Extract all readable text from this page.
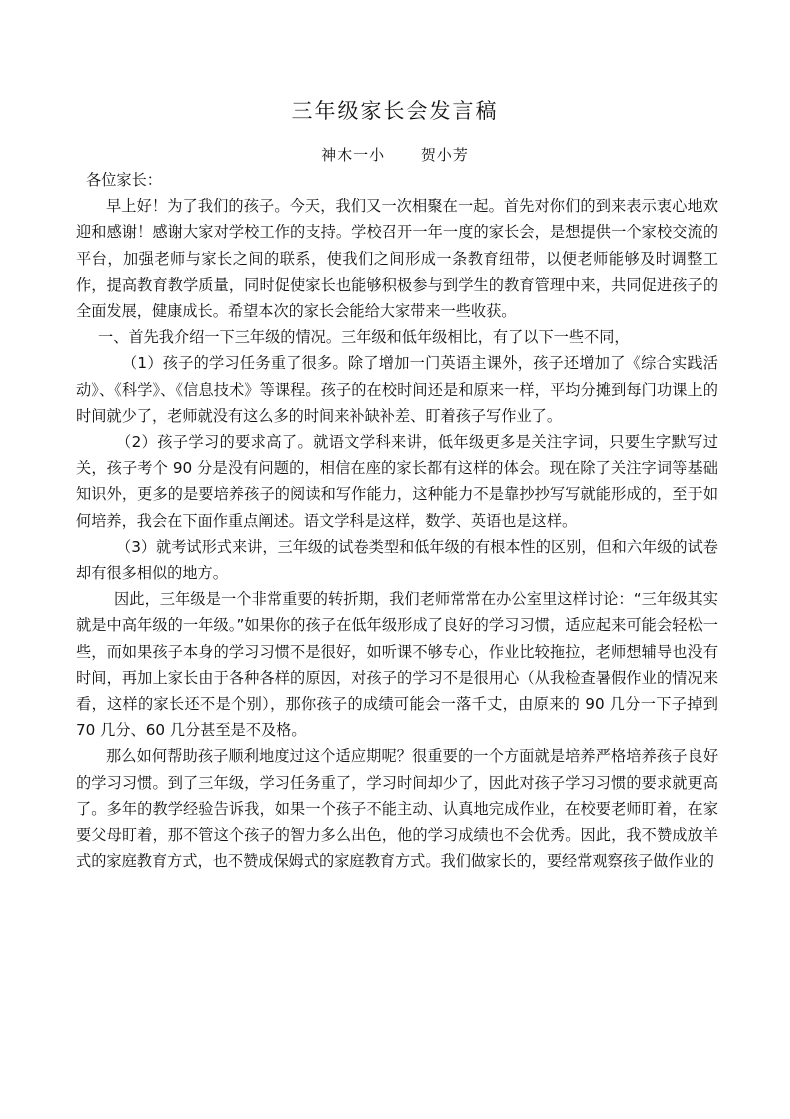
三年级家长会发言稿
神木一小 贺小芳

各位家长：

早上好！为了我们的孩子。今天，我们又一次相聚在一起。首先对你们的到来表示衷心地欢迎和感谢！感谢大家对学校工作的支持。学校召开一年一度的家长会，是想提供一个家校交流的平台，加强老师与家长之间的联系，使我们之间形成一条教育纽带，以便老师能够及时调整工作，提高教育教学质量，同时促使家长也能够积极参与到学生的教育管理中来，共同促进孩子的全面发展，健康成长。希望本次的家长会能给大家带来一些收获。

一、首先我介绍一下三年级的情况。三年级和低年级相比，有了以下一些不同，

（1）孩子的学习任务重了很多。除了增加一门英语主课外，孩子还增加了《综合实践活动》、《科学》、《信息技术》等课程。孩子的在校时间还是和原来一样，平均分摊到每门功课上的时间就少了，老师就没有这么多的时间来补缺补差、盯着孩子写作业了。

（2）孩子学习的要求高了。就语文学科来讲，低年级更多是关注字词，只要生字默写过关，孩子考个 90 分是没有问题的，相信在座的家长都有这样的体会。现在除了关注字词等基础知识外，更多的是要培养孩子的阅读和写作能力，这种能力不是靠抄抄写写就能形成的，至于如何培养，我会在下面作重点阐述。语文学科是这样，数学、英语也是这样。

（3）就考试形式来讲，三年级的试卷类型和低年级的有根本性的区别，但和六年级的试卷却有很多相似的地方。

因此，三年级是一个非常重要的转折期，我们老师常常在办公室里这样讨论：“三年级其实就是中高年级的一年级。”如果你的孩子在低年级形成了良好的学习习惯，适应起来可能会轻松一些，而如果孩子本身的学习习惯不是很好，如听课不够专心，作业比较拖拉，老师想辅导也没有时间，再加上家长由于各种各样的原因，对孩子的学习不是很用心（从我检查暑假作业的情况来看，这样的家长还不是个别），那你孩子的成绩可能会一落千丈，由原来的 90 几分一下子掉到 70 几分、60 几分甚至是不及格。

那么如何帮助孩子顺利地度过这个适应期呢？很重要的一个方面就是培养严格培养孩子良好的学习习惯。到了三年级，学习任务重了，学习时间却少了，因此对孩子学习习惯的要求就更高了。多年的教学经验告诉我，如果一个孩子不能主动、认真地完成作业，在校要老师盯着，在家要父母盯着，那不管这个孩子的智力多么出色，他的学习成绩也不会优秀。因此，我不赞成放羊式的家庭教育方式，也不赞成保姆式的家庭教育方式。我们做家长的，要经常观察孩子做作业的
